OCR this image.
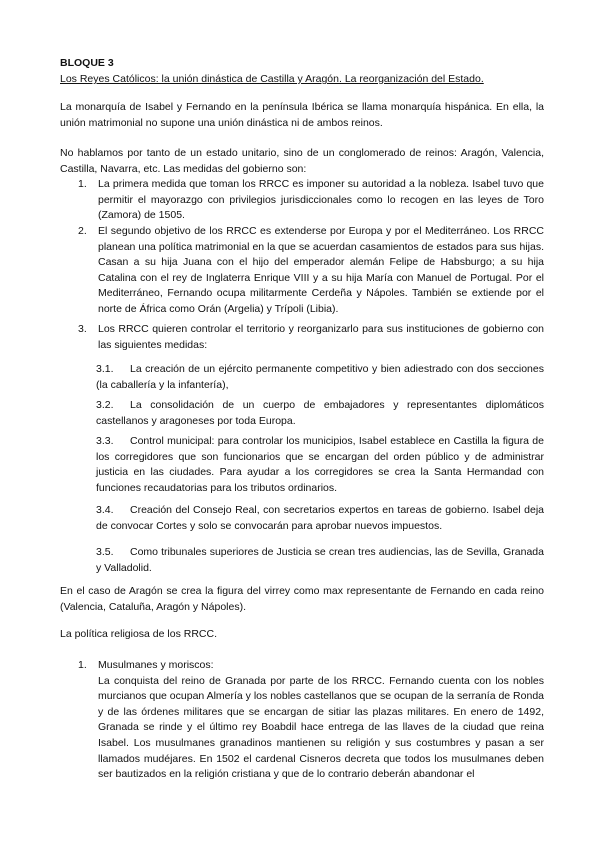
BLOQUE 3
Los Reyes Católicos: la unión dinástica de Castilla y Aragón. La reorganización del Estado.

La monarquía de Isabel y Fernando en la península Ibérica se llama monarquía hispánica. En ella, la unión matrimonial no supone una unión dinástica ni de ambos reinos.

No hablamos por tanto de un estado unitario, sino de un conglomerado de reinos: Aragón, Valencia, Castilla, Navarra, etc. Las medidas del gobierno son:

1. La primera medida que toman los RRCC es imponer su autoridad a la nobleza. Isabel tuvo que permitir el mayorazgo con privilegios jurisdiccionales como lo recogen en las leyes de Toro (Zamora) de 1505.

2. El segundo objetivo de los RRCC es extenderse por Europa y por el Mediterráneo. Los RRCC planean una política matrimonial en la que se acuerdan casamientos de estados para sus hijas. Casan a su hija Juana con el hijo del emperador alemán Felipe de Habsburgo; a su hija Catalina con el rey de Inglaterra Enrique VIII y a su hija María con Manuel de Portugal. Por el Mediterráneo, Fernando ocupa militarmente Cerdeña y Nápoles. También se extiende por el norte de África como Orán (Argelia) y Trípoli (Libia).

3. Los RRCC quieren controlar el territorio y reorganizarlo para sus instituciones de gobierno con las siguientes medidas:

3.1.	La creación de un ejército permanente competitivo y bien adiestrado con dos secciones (la caballería y la infantería),

3.2.	La consolidación de un cuerpo de embajadores y representantes diplomáticos castellanos y aragoneses por toda Europa.

3.3.	Control municipal: para controlar los municipios, Isabel establece en Castilla la figura de los corregidores que son funcionarios que se encargan del orden público y de administrar justicia en las ciudades. Para ayudar a los corregidores se crea la Santa Hermandad con funciones recaudatorias para los tributos ordinarios.

3.4.	Creación del Consejo Real, con secretarios expertos en tareas de gobierno. Isabel deja de convocar Cortes y solo se convocarán para aprobar nuevos impuestos.

3.5.	Como tribunales superiores de Justicia se crean tres audiencias, las de Sevilla, Granada y Valladolid.

En el caso de Aragón se crea la figura del virrey como max representante de Fernando en cada reino (Valencia, Cataluña, Aragón y Nápoles).

La política religiosa de los RRCC.
1. Musulmanes y moriscos:

La conquista del reino de Granada por parte de los RRCC. Fernando cuenta con los nobles murcianos que ocupan Almería y los nobles castellanos que se ocupan de la serranía de Ronda y de las órdenes militares que se encargan de sitiar las plazas militares. En enero de 1492, Granada se rinde y el último rey Boabdil hace entrega de las llaves de la ciudad que reina Isabel. Los musulmanes granadinos mantienen su religión y sus costumbres y pasan a ser llamados mudéjares. En 1502 el cardenal Cisneros decreta que todos los musulmanes deben ser bautizados en la religión cristiana y que de lo contrario deberán abandonar el
